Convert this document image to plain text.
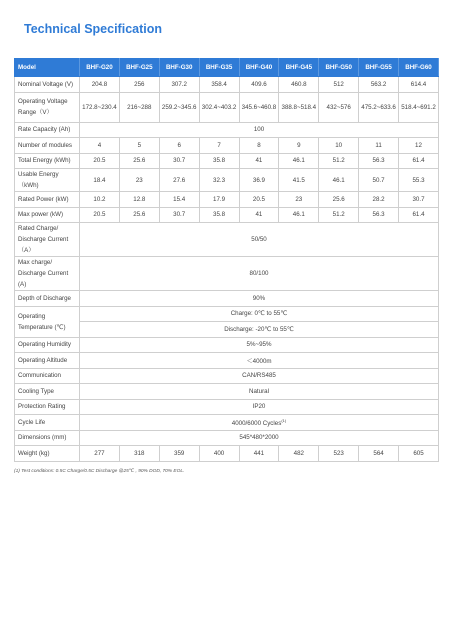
Technical Specification
Model	BHF-G20	BHF-G25	BHF-G30	BHF-G35	BHF-G40	BHF-G45	BHF-G50	BHF-G55	BHF-G60
Nominal Voltage (V)	204.8	256	307.2	358.4	409.6	460.8	512	563.2	614.4
Operating Voltage
Range（V）	172.8~230.4	216~288	259.2~345.6	302.4~403.2	345.6~460.8	388.8~518.4	432~576	475.2~633.6	518.4~691.2
Rate Capacity (Ah)	100								
Number of modules	4	5	6	7	8	9	10	11	12
Total Energy (kWh)	20.5	25.6	30.7	35.8	41	46.1	51.2	56.3	61.4
Usable Energy（kWh)	18.4	23	27.6	32.3	36.9	41.5	46.1	50.7	55.3
Rated Power (kW)	10.2	12.8	15.4	17.9	20.5	23	25.6	28.2	30.7
Max power (kW)	20.5	25.6	30.7	35.8	41	46.1	51.2	56.3	61.4
Rated Charge/
Discharge Current（A）	50/50								
Max charge/
Discharge Current (A)	80/100								
Depth of Discharge	90%								
Operating
Temperature (℃)	Charge: 0℃ to 55℃								
	Discharge: -20℃ to 55℃								
Operating Humidity	5%~95%								
Operating Altitude	＜4000m								
Communication	CAN/RS485								
Cooling Type	Natural								
Protection Rating	IP20								
Cycle Life	4000/6000 Cycles$^{(1)}$
Dimensions (mm)	545*480*2000								
Weight (kg)	277	318	359	400	441	482	523	564	605
(1) Test conditions: 0.5C Charge/0.5C Discharge @25℃ , 90% DOD, 70% EOL.
